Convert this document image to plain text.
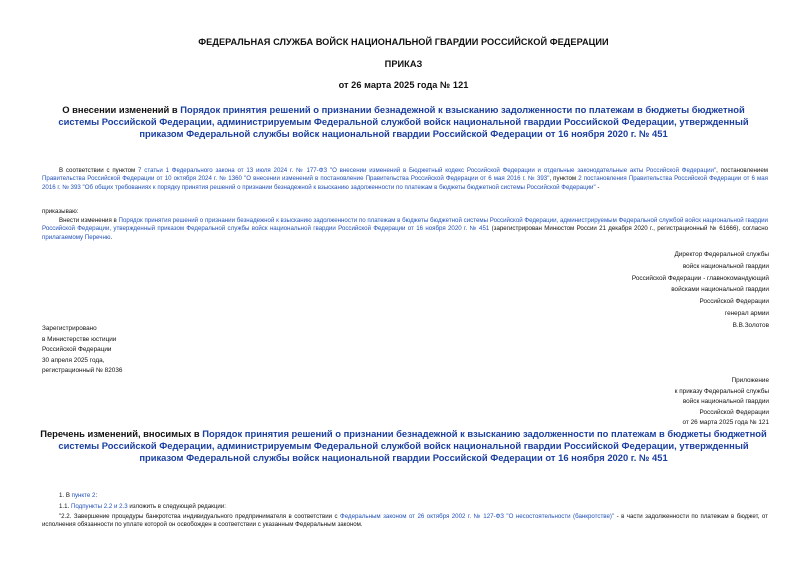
ФЕДЕРАЛЬНАЯ СЛУЖБА ВОЙСК НАЦИОНАЛЬНОЙ ГВАРДИИ РОССИЙСКОЙ ФЕДЕРАЦИИ
ПРИКАЗ
от 26 марта 2025 года № 121
О внесении изменений в Порядок принятия решений о признании безнадежной к взысканию задолженности по платежам в бюджеты бюджетной системы Российской Федерации, администрируемым Федеральной службой войск национальной гвардии Российской Федерации, утвержденный приказом Федеральной службы войск национальной гвардии Российской Федерации от 16 ноября 2020 г. № 451
В соответствии с пунктом 7 статьи 1 Федерального закона от 13 июля 2024 г. № 177-ФЗ "О внесении изменений в Бюджетный кодекс Российской Федерации и отдельные законодательные акты Российской Федерации", постановлением Правительства Российской Федерации от 10 октября 2024 г. № 1360 "О внесении изменений в постановление Правительства Российской Федерации от 6 мая 2016 г. № 393", пунктом 2 постановления Правительства Российской Федерации от 6 мая 2016 г. № 393 "Об общих требованиях к порядку принятия решений о признании безнадежной к взысканию задолженности по платежам в бюджеты бюджетной системы Российской Федерации" -
приказываю:
Внести изменения в Порядок принятия решений о признании безнадежной к взысканию задолженности по платежам в бюджеты бюджетной системы Российской Федерации, администрируемым Федеральной службой войск национальной гвардии Российской Федерации, утвержденный приказом Федеральной службы войск национальной гвардии Российской Федерации от 16 ноября 2020 г. № 451 (зарегистрирован Минюстом России 21 декабря 2020 г., регистрационный № 61666), согласно прилагаемому Перечню.
Директор Федеральной службы
войск национальной гвардии
Российской Федерации - главнокомандующий
войсками национальной гвардии
Российской Федерации
генерал армии
В.В.Золотов
Зарегистрировано
в Министерстве юстиции
Российской Федерации
30 апреля 2025 года,
регистрационный № 82036
Приложение
к приказу Федеральной службы
войск национальной гвардии
Российской Федерации
от 26 марта 2025 года № 121
Перечень изменений, вносимых в Порядок принятия решений о признании безнадежной к взысканию задолженности по платежам в бюджеты бюджетной системы Российской Федерации, администрируемым Федеральной службой войск национальной гвардии Российской Федерации, утвержденный приказом Федеральной службы войск национальной гвардии Российской Федерации от 16 ноября 2020 г. № 451
1. В пункте 2:
1.1. Подпункты 2.2 и 2.3 изложить в следующей редакции:
"2.2. Завершение процедуры банкротства индивидуального предпринимателя в соответствии с Федеральным законом от 26 октября 2002 г. № 127-ФЗ "О несостоятельности (банкротстве)" - в части задолженности по платежам в бюджет, от исполнения обязанности по уплате которой он освобожден в соответствии с указанным Федеральным законом.
